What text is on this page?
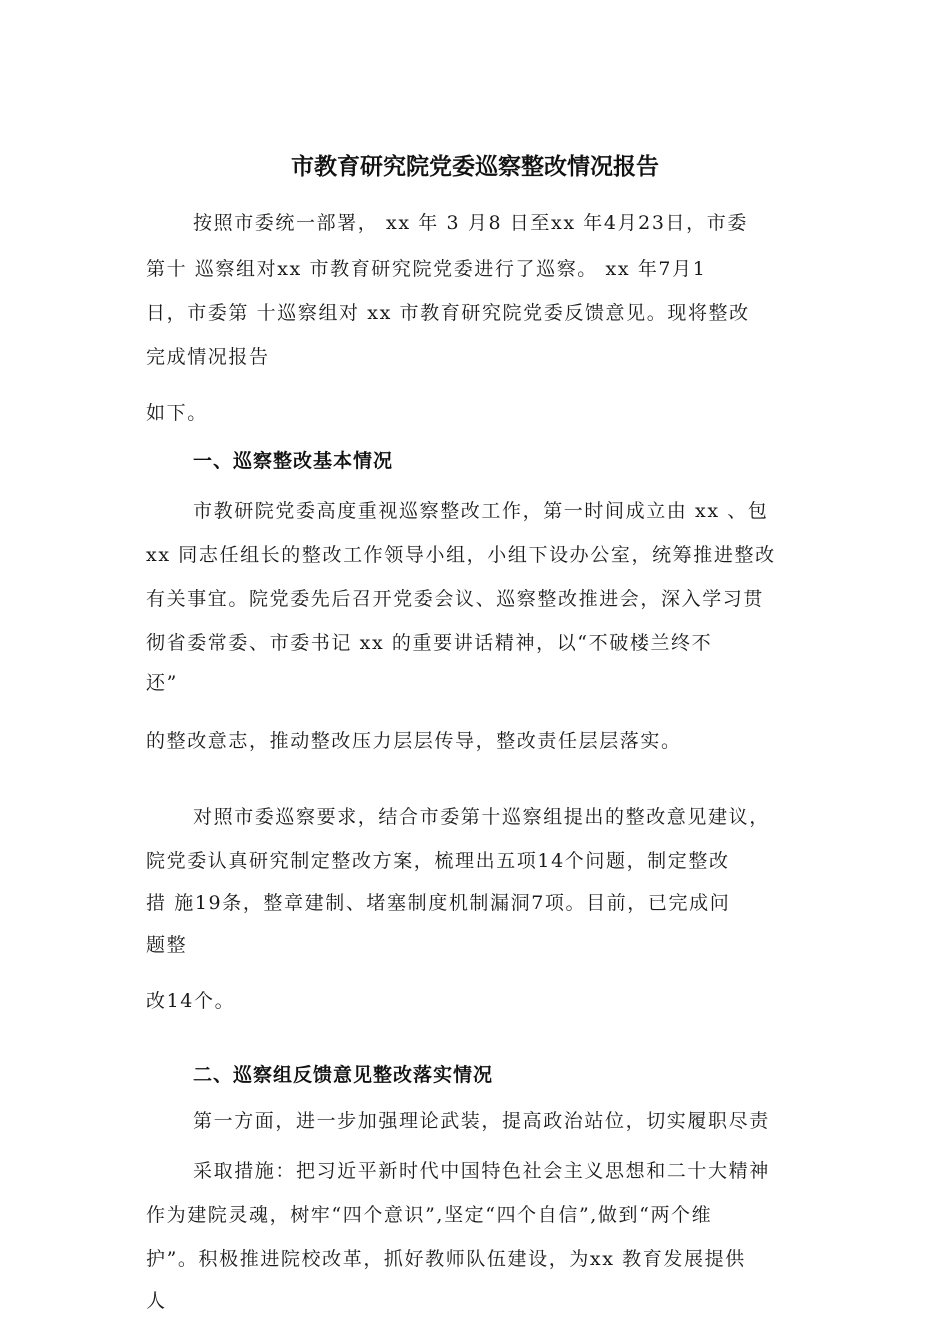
市教育研究院党委巡察整改情况报告
按照市委统一部署， xx 年 3 月8 日至xx 年4月23日，市委
第十 巡察组对xx 市教育研究院党委进行了巡察。 xx 年7月1
日，市委第 十巡察组对 xx 市教育研究院党委反馈意见。现将整改
完成情况报告
如下。
一、巡察整改基本情况
市教研院党委高度重视巡察整改工作，第一时间成立由 xx 、包
xx 同志任组长的整改工作领导小组，小组下设办公室，统筹推进整改
有关事宜。院党委先后召开党委会议、巡察整改推进会，深入学习贯
彻省委常委、市委书记 xx 的重要讲话精神，以“不破楼兰终不
还”
的整改意志，推动整改压力层层传导，整改责任层层落实。
对照市委巡察要求，结合市委第十巡察组提出的整改意见建议，
院党委认真研究制定整改方案，梳理出五项14个问题，制定整改
措 施19条，整章建制、堵塞制度机制漏洞7项。目前，已完成问
题整
改14个。
二、巡察组反馈意见整改落实情况
第一方面，进一步加强理论武装，提高政治站位，切实履职尽责
采取措施：把习近平新时代中国特色社会主义思想和二十大精神
作为建院灵魂，树牢“四个意识”,坚定“四个自信”,做到“两个维
护”。积极推进院校改革，抓好教师队伍建设，为xx 教育发展提供
人
